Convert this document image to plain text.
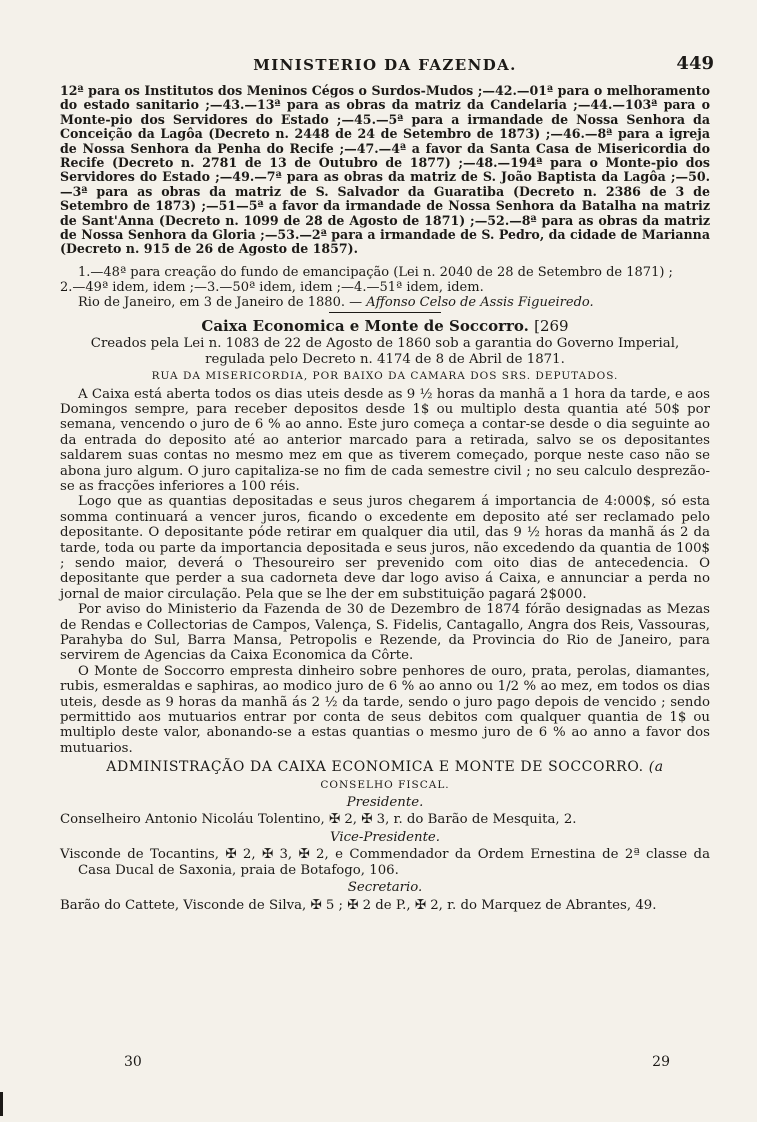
MINISTERIO DA FAZENDA.	449

12ª para os Institutos dos Meninos Cégos o Surdos-Mudos ;—42.—01ª para o melhoramento do estado sanitario ;—43.—13ª para as obras da matriz da Candelaria ;—44.—103ª para o Monte-pio dos Servidores do Estado ;—45.—5ª para a irmandade de Nossa Senhora da Conceição da Lagôa (Decreto n. 2448 de 24 de Setembro de 1873) ;—46.—8ª para a igreja de Nossa Senhora da Penha do Recife ;—47.—4ª a favor da Santa Casa de Misericordia do Recife (Decreto n. 2781 de 13 de Outubro de 1877) ;—48.—194ª para o Monte-pio dos Servidores do Estado ;—49.—7ª para as obras da matriz de S. João Baptista da Lagôa ;—50.—3ª para as obras da matriz de S. Salvador da Guaratiba (Decreto n. 2386 de 3 de Setembro de 1873) ;—51—5ª a favor da irmandade de Nossa Senhora da Batalha na matriz de Sant'Anna (Decreto n. 1099 de 28 de Agosto de 1871) ;—52.—8ª para as obras da matriz de Nossa Senhora da Gloria ;—53.—2ª para a irmandade de S. Pedro, da cidade de Marianna (Decreto n. 915 de 26 de Agosto de 1857).

1.—48ª para creação do fundo de emancipação (Lei n. 2040 de 28 de Setembro de 1871) ;

2.—49ª idem, idem ;—3.—50ª idem, idem ;—4.—51ª idem, idem.

Rio de Janeiro, em 3 de Janeiro de 1880. — Affonso Celso de Assis Figueiredo.

Caixa Economica e Monte de Soccorro. [269

Creados pela Lei n. 1083 de 22 de Agosto de 1860 sob a garantia do Governo Imperial, regulada pelo Decreto n. 4174 de 8 de Abril de 1871.

RUA DA MISERICORDIA, POR BAIXO DA CAMARA DOS SRS. DEPUTADOS.

A Caixa está aberta todos os dias uteis desde as 9 ½ horas da manhã a 1 hora da tarde, e aos Domingos sempre, para receber depositos desde 1$ ou multiplo desta quantia até 50$ por semana, vencendo o juro de 6 % ao anno. Este juro começa a contar-se desde o dia seguinte ao da entrada do deposito até ao anterior marcado para a retirada, salvo se os depositantes saldarem suas contas no mesmo mez em que as tiverem começado, porque neste caso não se abona juro algum. O juro capitaliza-se no fim de cada semestre civil ; no seu calculo desprezão-se as fracções inferiores a 100 réis.

Logo que as quantias depositadas e seus juros chegarem á importancia de 4:000$, só esta somma continuará a vencer juros, ficando o excedente em deposito até ser reclamado pelo depositante. O depositante póde retirar em qualquer dia util, das 9 ½ horas da manhã ás 2 da tarde, toda ou parte da importancia depositada e seus juros, não excedendo da quantia de 100$ ; sendo maior, deverá o Thesoureiro ser prevenido com oito dias de antecedencia. O depositante que perder a sua cadorneta deve dar logo aviso á Caixa, e annunciar a perda no jornal de maior circulação. Pela que se lhe der em substituição pagará 2$000.

Por aviso do Ministerio da Fazenda de 30 de Dezembro de 1874 fórão designadas as Mezas de Rendas e Collectorias de Campos, Valença, S. Fidelis, Cantagallo, Angra dos Reis, Vassouras, Parahyba do Sul, Barra Mansa, Petropolis e Rezende, da Provincia do Rio de Janeiro, para servirem de Agencias da Caixa Economica da Côrte.

O Monte de Soccorro empresta dinheiro sobre penhores de ouro, prata, perolas, diamantes, rubis, esmeraldas e saphiras, ao modico juro de 6 % ao anno ou 1/2 % ao mez, em todos os dias uteis, desde as 9 horas da manhã ás 2 ½ da tarde, sendo o juro pago depois de vencido ; sendo permittido aos mutuarios entrar por conta de seus debitos com qualquer quantia de 1$ ou multiplo deste valor, abonando-se a estas quantias o mesmo juro de 6 % ao anno a favor dos mutuarios.

ADMINISTRAÇÃO DA CAIXA ECONOMICA E MONTE DE SOCCORRO. (a
CONSELHO FISCAL.
Presidente.

Conselheiro Antonio Nicoláu Tolentino, ✠ 2, ✠ 3, r. do Barão de Mesquita, 2.

Vice-Presidente.

Visconde de Tocantins, ✠ 2, ✠ 3, ✠ 2, e Commendador da Ordem Ernestina de 2ª classe da Casa Ducal de Saxonia, praia de Botafogo, 106.

Secretario.

Barão do Cattete, Visconde de Silva, ✠ 5 ; ✠ 2 de P., ✠ 2, r. do Marquez de Abrantes, 49.

30	29
